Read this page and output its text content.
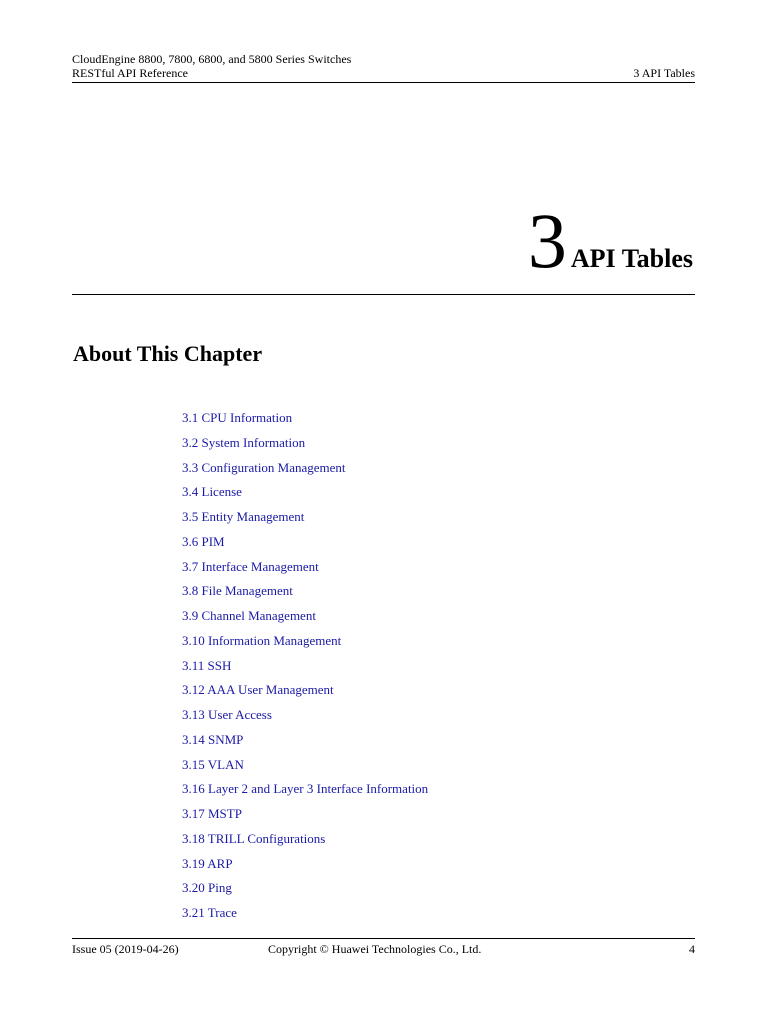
CloudEngine 8800, 7800, 6800, and 5800 Series Switches
RESTful API Reference	3 API Tables
3 API Tables
About This Chapter
3.1 CPU Information
3.2 System Information
3.3 Configuration Management
3.4 License
3.5 Entity Management
3.6 PIM
3.7 Interface Management
3.8 File Management
3.9 Channel Management
3.10 Information Management
3.11 SSH
3.12 AAA User Management
3.13 User Access
3.14 SNMP
3.15 VLAN
3.16 Layer 2 and Layer 3 Interface Information
3.17 MSTP
3.18 TRILL Configurations
3.19 ARP
3.20 Ping
3.21 Trace
Issue 05 (2019-04-26)	Copyright © Huawei Technologies Co., Ltd.	4
